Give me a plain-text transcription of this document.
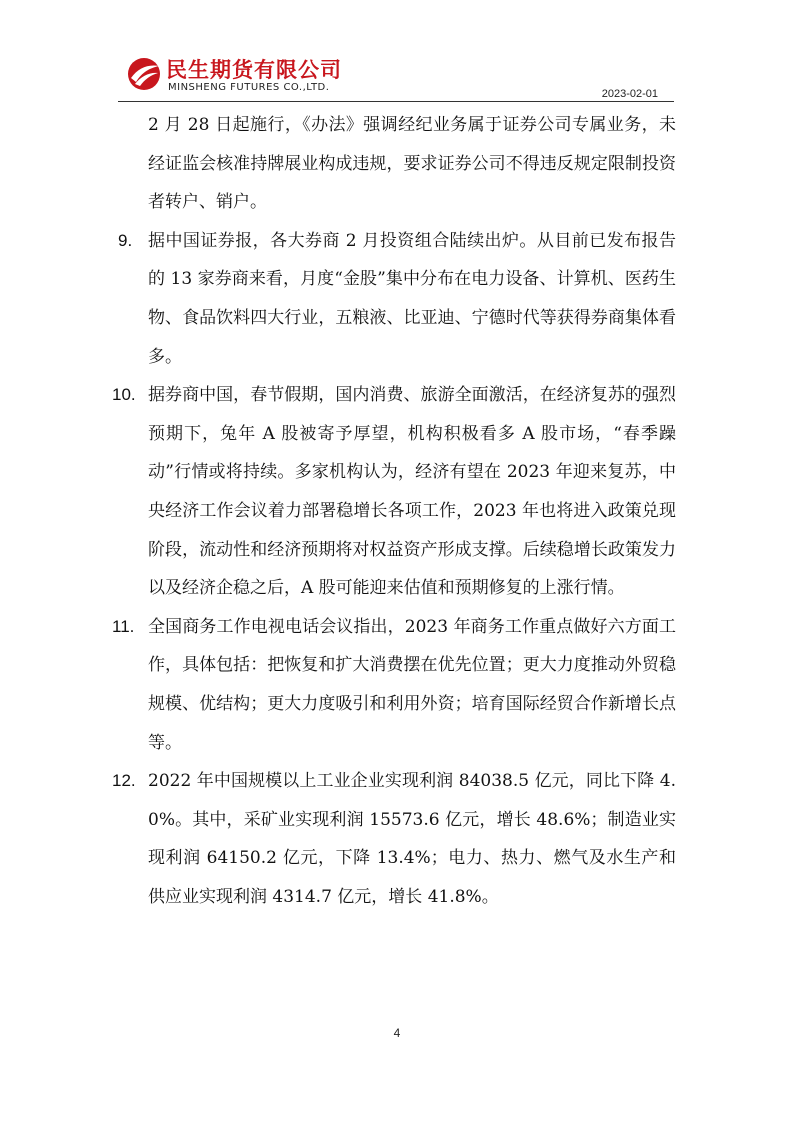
民生期货有限公司
MINSHENG FUTURES CO.,LTD.
2023-02-01
2 月 28 日起施行，《办法》强调经纪业务属于证券公司专属业务，未经证监会核准持牌展业构成违规，要求证券公司不得违反规定限制投资者转户、销户。
9. 据中国证券报，各大券商 2 月投资组合陆续出炉。从目前已发布报告的 13 家券商来看，月度“金股”集中分布在电力设备、计算机、医药生物、食品饮料四大行业，五粮液、比亚迪、宁德时代等获得券商集体看多。
10. 据券商中国，春节假期，国内消费、旅游全面激活，在经济复苏的强烈预期下，兔年 A 股被寄予厚望，机构积极看多 A 股市场，“春季躁动”行情或将持续。多家机构认为，经济有望在 2023 年迎来复苏，中央经济工作会议着力部署稳增长各项工作，2023 年也将进入政策兑现阶段，流动性和经济预期将对权益资产形成支撑。后续稳增长政策发力以及经济企稳之后，A 股可能迎来估值和预期修复的上涨行情。
11. 全国商务工作电视电话会议指出，2023 年商务工作重点做好六方面工作，具体包括：把恢复和扩大消费摆在优先位置；更大力度推动外贸稳规模、优结构；更大力度吸引和利用外资；培育国际经贸合作新增长点等。
12. 2022 年中国规模以上工业企业实现利润 84038.5 亿元，同比下降 4.0%。其中，采矿业实现利润 15573.6 亿元，增长 48.6%；制造业实现利润 64150.2 亿元，下降 13.4%；电力、热力、燃气及水生产和供应业实现利润 4314.7 亿元，增长 41.8%。
4
